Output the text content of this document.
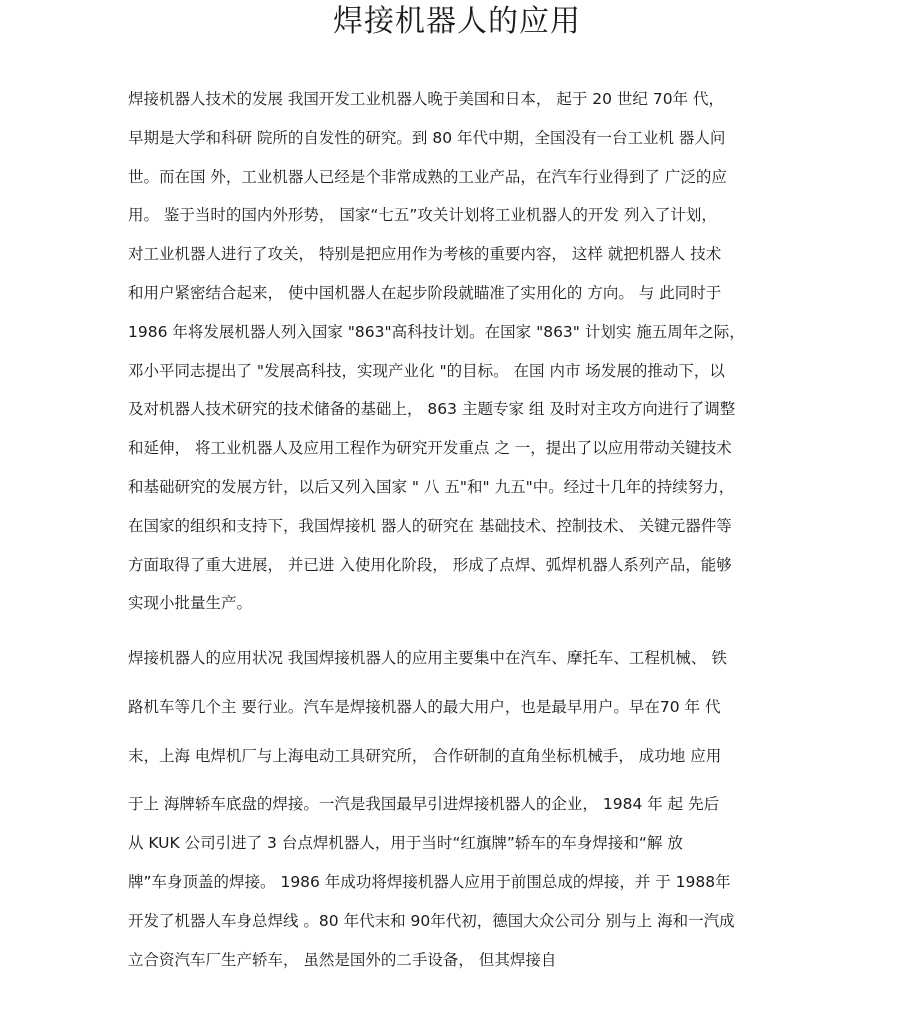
焊接机器人的应用
焊接机器人技术的发展 我国开发工业机器人晚于美国和日本， 起于 20 世纪 70年 代，
早期是大学和科研 院所的自发性的研究。到 80 年代中期，全国没有一台工业机 器人问
世。而在国 外，工业机器人已经是个非常成熟的工业产品，在汽车行业得到了 广泛的应
用。 鉴于当时的国内外形势， 国家“七五”攻关计划将工业机器人的开发 列入了计划，
对工业机器人进行了攻关， 特别是把应用作为考核的重要内容， 这样 就把机器人 技术
和用户紧密结合起来， 使中国机器人在起步阶段就瞄准了实用化的 方向。 与 此同时于
1986 年将发展机器人列入国家 "863"高科技计划。在国家 "863" 计划实 施五周年之际，
邓小平同志提出了 "发展高科技，实现产业化 "的目标。 在国 内市 场发展的推动下，以
及对机器人技术研究的技术储备的基础上， 863 主题专家 组 及时对主攻方向进行了调整
和延伸， 将工业机器人及应用工程作为研究开发重点 之 一，提出了以应用带动关键技术
和基础研究的发展方针，以后又列入国家 " 八 五"和" 九五"中。经过十几年的持续努力，
在国家的组织和支持下，我国焊接机 器人的研究在 基础技术、控制技术、 关键元器件等
方面取得了重大进展， 并已进 入使用化阶段， 形成了点焊、弧焊机器人系列产品，能够
实现小批量生产。
焊接机器人的应用状况 我国焊接机器人的应用主要集中在汽车、摩托车、工程机械、 铁
路机车等几个主 要行业。汽车是焊接机器人的最大用户，也是最早用户。早在70 年 代
末，上海 电焊机厂与上海电动工具研究所， 合作研制的直角坐标机械手， 成功地 应用
于上 海牌轿车底盘的焊接。一汽是我国最早引进焊接机器人的企业， 1984 年 起 先后
从 KUK 公司引进了 3 台点焊机器人，用于当时“红旗牌”轿车的车身焊接和“解 放
牌”车身顶盖的焊接。 1986 年成功将焊接机器人应用于前围总成的焊接，并 于 1988年
开发了机器人车身总焊线 。80 年代末和 90年代初，德国大众公司分 别与上 海和一汽成
立合资汽车厂生产轿车， 虽然是国外的二手设备， 但其焊接自
